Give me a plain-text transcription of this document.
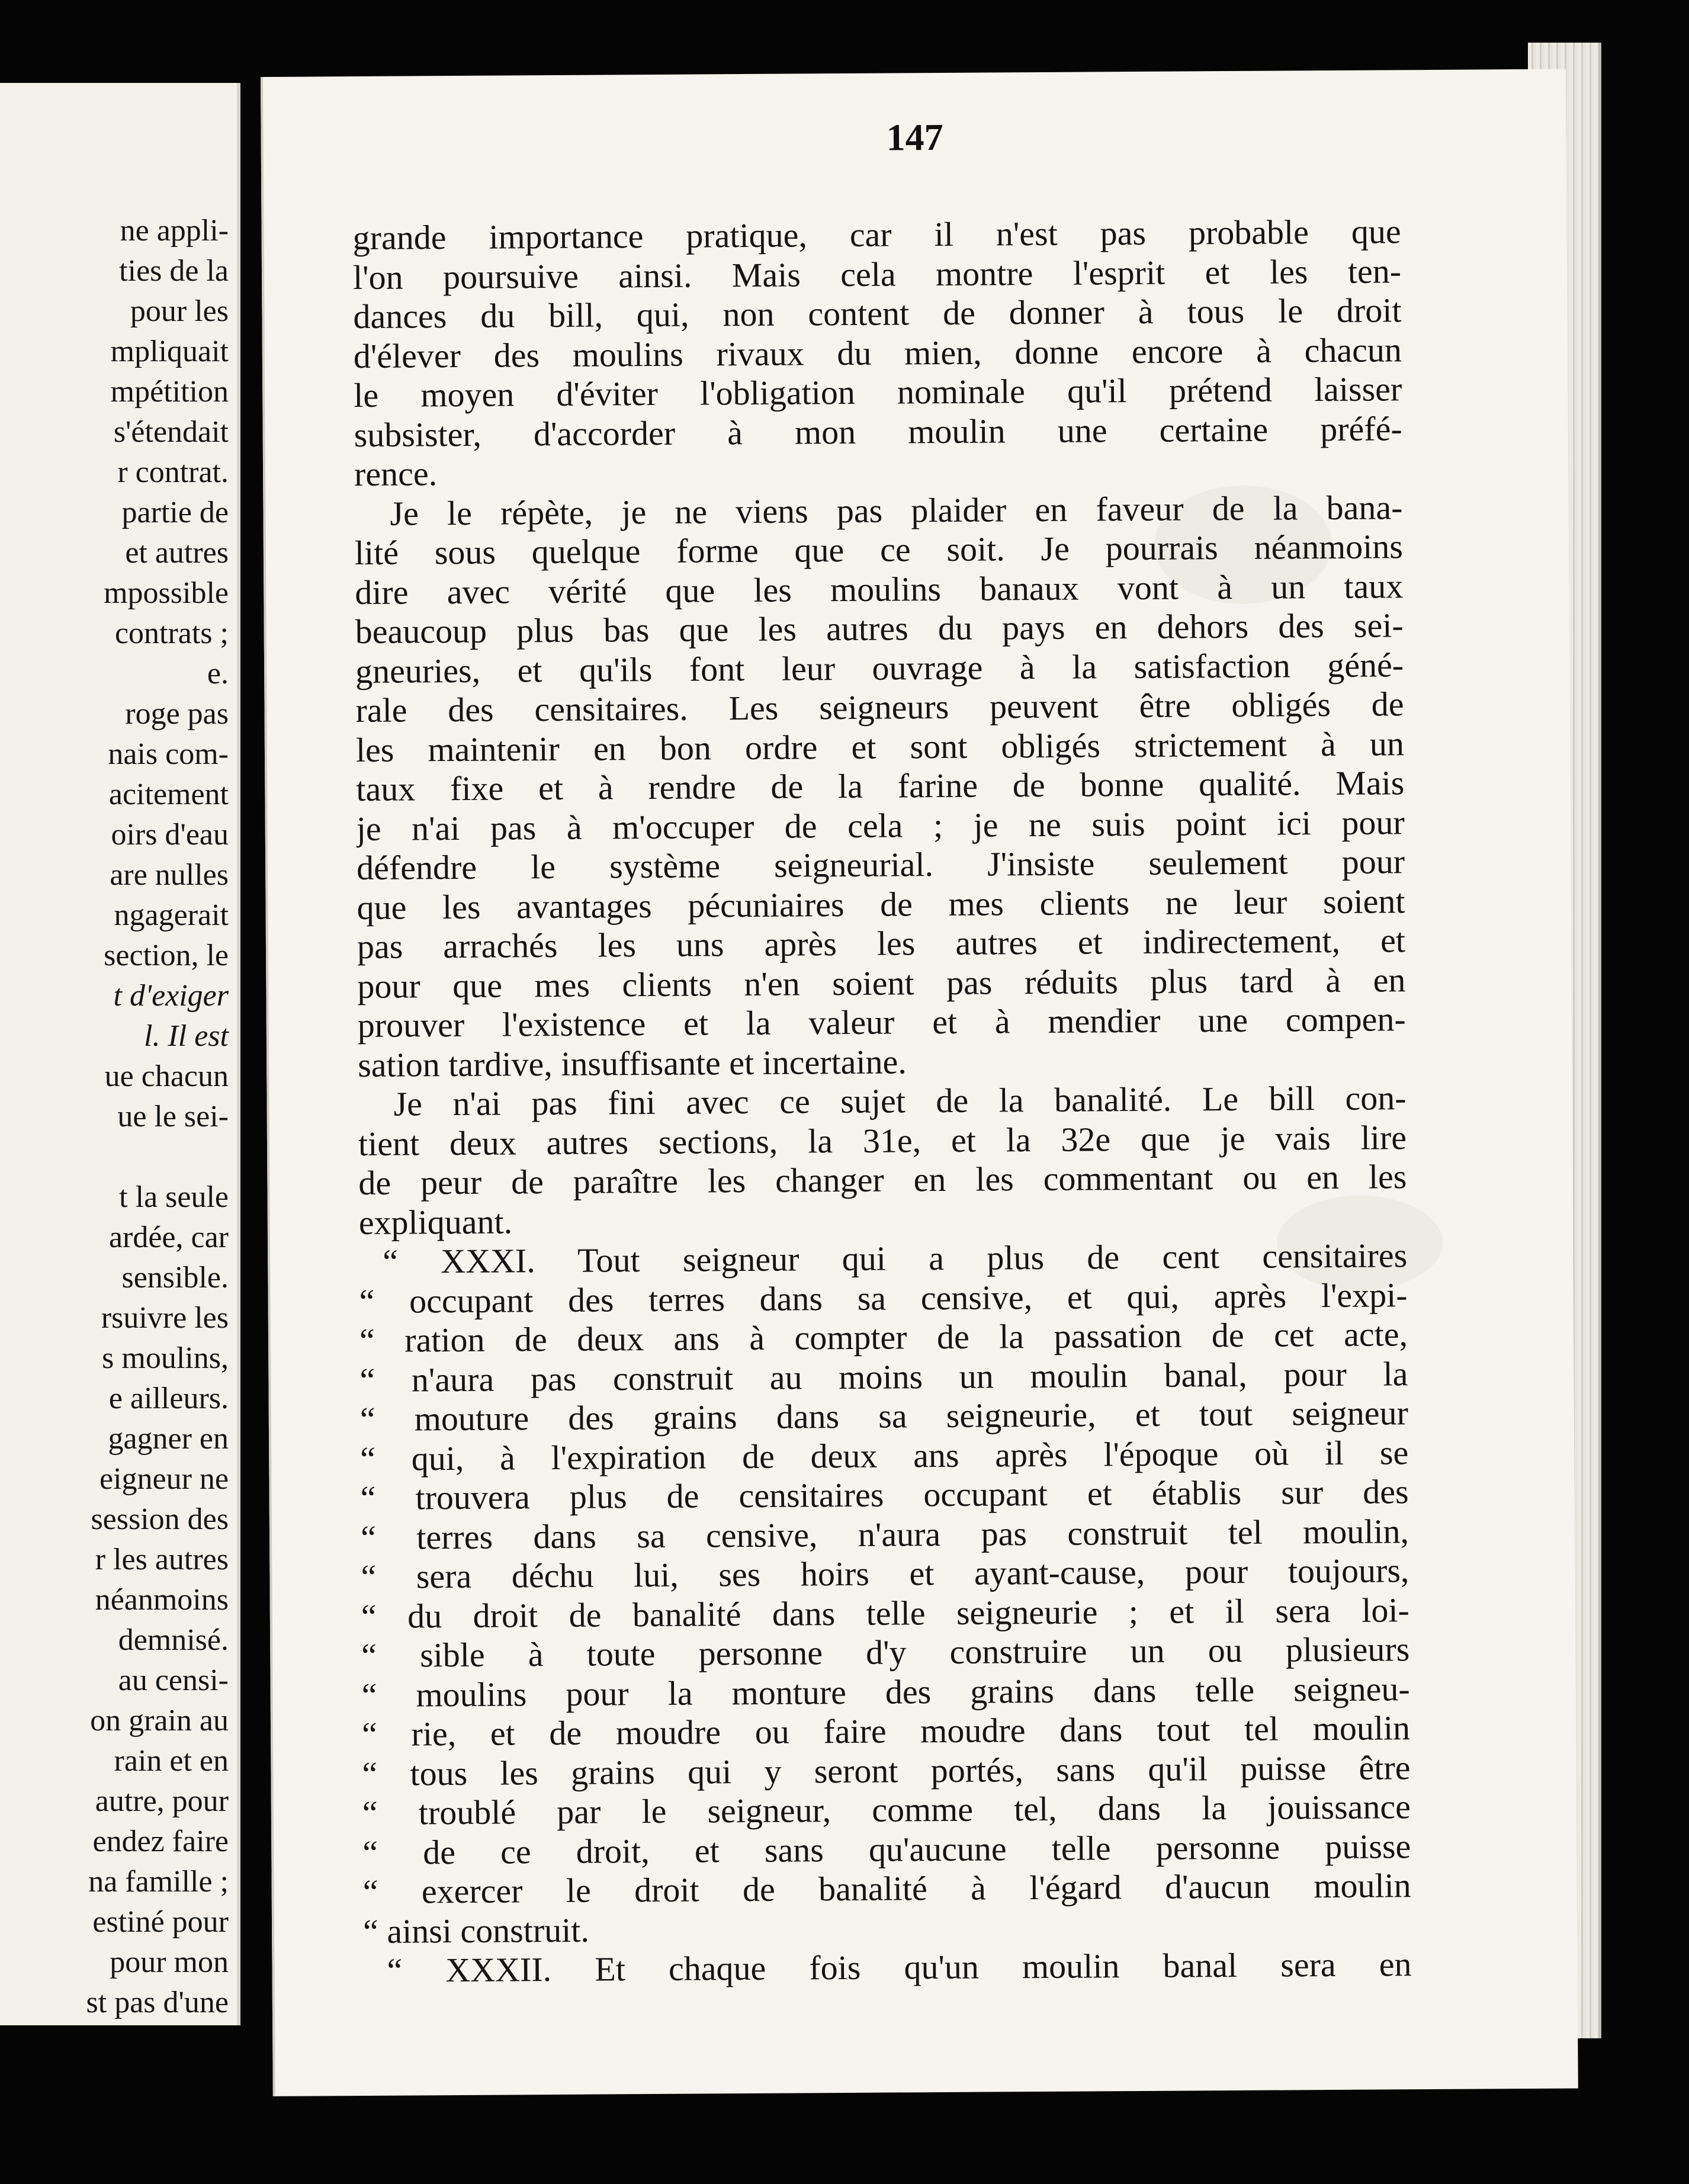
ne appli-
ties de la
pour les
mpliquait
mpétition
s'étendait
r contrat.
partie de
et autres
mpossible
contrats ;
e.
roge pas
nais com-
acitement
oirs d'eau
are nulles
ngagerait
section, le
t d'exiger
l. Il est
ue chacun
ue le sei-
t la seule
ardée, car
sensible.
rsuivre les
s moulins,
e ailleurs.
gagner en
eigneur ne
session des
r les autres
néanmoins
demnisé.
au censi-
on grain au
rain et en
autre, pour
endez faire
na famille ;
estiné pour
pour mon
st pas d'une
147
grande importance pratique, car il n'est pas probable que
l'on poursuive ainsi. Mais cela montre l'esprit et les ten-
dances du bill, qui, non content de donner à tous le droit
d'élever des moulins rivaux du mien, donne encore à chacun
le moyen d'éviter l'obligation nominale qu'il prétend laisser
subsister, d'accorder à mon moulin une certaine préfé-
rence.
Je le répète, je ne viens pas plaider en faveur de la bana-
lité sous quelque forme que ce soit. Je pourrais néanmoins
dire avec vérité que les moulins banaux vont à un taux
beaucoup plus bas que les autres du pays en dehors des sei-
gneuries, et qu'ils font leur ouvrage à la satisfaction géné-
rale des censitaires. Les seigneurs peuvent être obligés de
les maintenir en bon ordre et sont obligés strictement à un
taux fixe et à rendre de la farine de bonne qualité. Mais
je n'ai pas à m'occuper de cela ; je ne suis point ici pour
défendre le système seigneurial. J'insiste seulement pour
que les avantages pécuniaires de mes clients ne leur soient
pas arrachés les uns après les autres et indirectement, et
pour que mes clients n'en soient pas réduits plus tard à en
prouver l'existence et la valeur et à mendier une compen-
sation tardive, insuffisante et incertaine.
Je n'ai pas fini avec ce sujet de la banalité. Le bill con-
tient deux autres sections, la 31e, et la 32e que je vais lire
de peur de paraître les changer en les commentant ou en les
expliquant.
“ XXXI. Tout seigneur qui a plus de cent censitaires
“ occupant des terres dans sa censive, et qui, après l'expi-
“ ration de deux ans à compter de la passation de cet acte,
“ n'aura pas construit au moins un moulin banal, pour la
“ mouture des grains dans sa seigneurie, et tout seigneur
“ qui, à l'expiration de deux ans après l'époque où il se
“ trouvera plus de censitaires occupant et établis sur des
“ terres dans sa censive, n'aura pas construit tel moulin,
“ sera déchu lui, ses hoirs et ayant-cause, pour toujours,
“ du droit de banalité dans telle seigneurie ; et il sera loi-
“ sible à toute personne d'y construire un ou plusieurs
“ moulins pour la monture des grains dans telle seigneu-
“ rie, et de moudre ou faire moudre dans tout tel moulin
“ tous les grains qui y seront portés, sans qu'il puisse être
“ troublé par le seigneur, comme tel, dans la jouissance
“ de ce droit, et sans qu'aucune telle personne puisse
“ exercer le droit de banalité à l'égard d'aucun moulin
“ ainsi construit.
“ XXXII. Et chaque fois qu'un moulin banal sera en
